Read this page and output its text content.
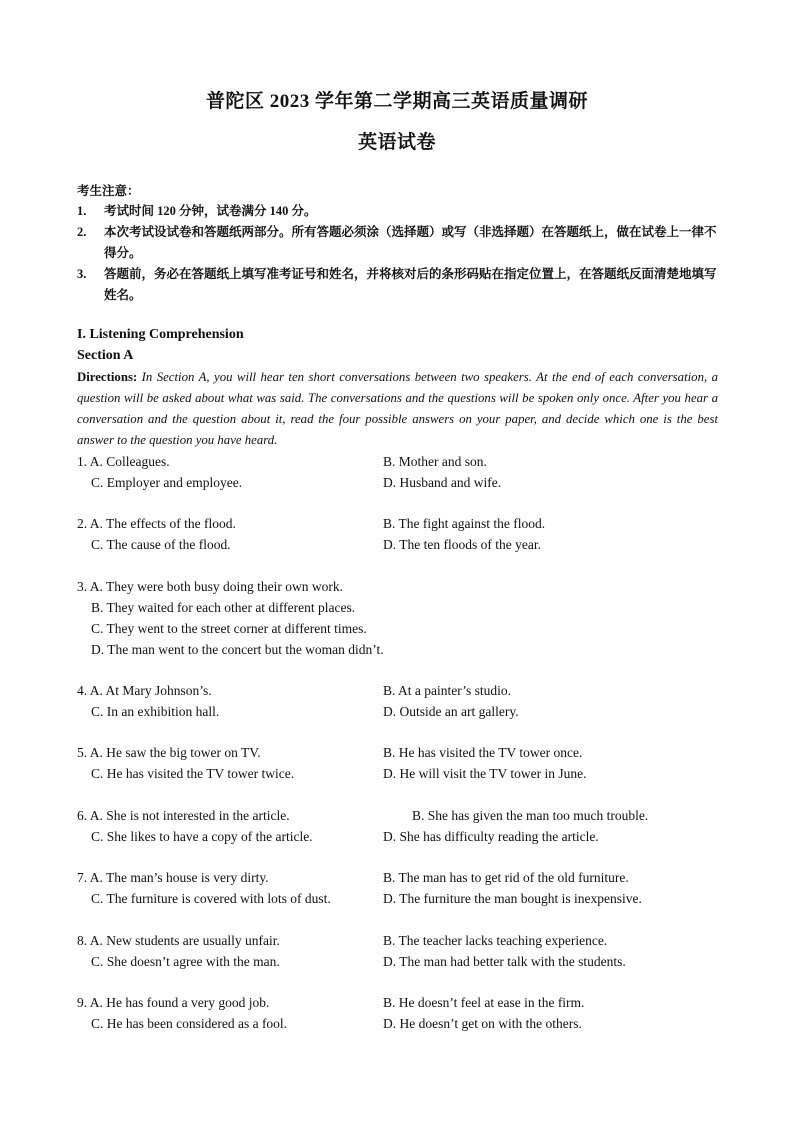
普陀区 2023 学年第二学期高三英语质量调研
英语试卷
考生注意：
1. 考试时间 120 分钟，试卷满分 140 分。
2. 本次考试设试卷和答题纸两部分。所有答题必须涂（选择题）或写（非选择题）在答题纸上，做在试卷上一律不得分。
3. 答题前，务必在答题纸上填写准考证号和姓名，并将核对后的条形码贴在指定位置上，在答题纸反面清楚地填写姓名。
I. Listening Comprehension
Section A
Directions: In Section A, you will hear ten short conversations between two speakers. At the end of each conversation, a question will be asked about what was said. The conversations and the questions will be spoken only once. After you hear a conversation and the question about it, read the four possible answers on your paper, and decide which one is the best answer to the question you have heard.
1. A. Colleagues.	B. Mother and son.
C. Employer and employee.	D. Husband and wife.
2. A. The effects of the flood.	B. The fight against the flood.
C. The cause of the flood.	D. The ten floods of the year.
3. A. They were both busy doing their own work.
B. They waited for each other at different places.
C. They went to the street corner at different times.
D. The man went to the concert but the woman didn’t.
4. A. At Mary Johnson’s.	B. At a painter’s studio.
C. In an exhibition hall.	D. Outside an art gallery.
5. A. He saw the big tower on TV.	B. He has visited the TV tower once.
C. He has visited the TV tower twice.	D. He will visit the TV tower in June.
6. A. She is not interested in the article.	B. She has given the man too much trouble.
C. She likes to have a copy of the article.	D. She has difficulty reading the article.
7. A. The man’s house is very dirty.	B. The man has to get rid of the old furniture.
C. The furniture is covered with lots of dust.	D. The furniture the man bought is inexpensive.
8. A. New students are usually unfair.	B. The teacher lacks teaching experience.
C. She doesn’t agree with the man.	D. The man had better talk with the students.
9. A. He has found a very good job.	B. He doesn’t feel at ease in the firm.
C. He has been considered as a fool.	D. He doesn’t get on with the others.
